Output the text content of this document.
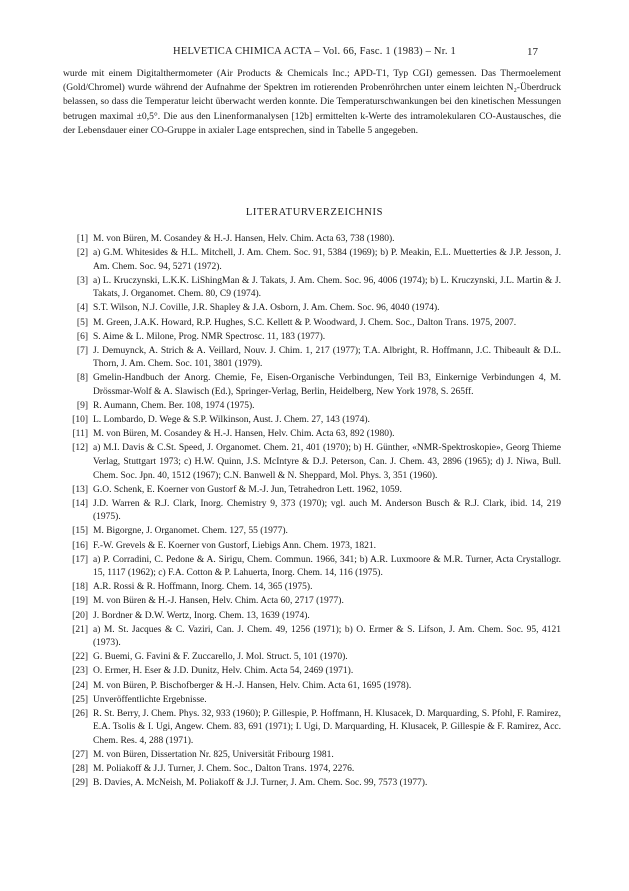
HELVETICA CHIMICA ACTA – Vol. 66, Fasc. 1 (1983) – Nr. 1	17

wurde mit einem Digitalthermometer (Air Products & Chemicals Inc.; APD-T1, Typ CGI) gemessen. Das Thermoelement (Gold/Chromel) wurde während der Aufnahme der Spektren im rotierenden Probenröhrchen unter einem leichten N₂-Überdruck belassen, so dass die Temperatur leicht überwacht werden konnte. Die Temperaturschwankungen bei den kinetischen Messungen betrugen maximal ±0,5°. Die aus den Linenformanalysen [12b] ermittelten k-Werte des intramolekularen CO-Austausches, die der Lebensdauer einer CO-Gruppe in axialer Lage entsprechen, sind in Tabelle 5 angegeben.

LITERATURVERZEICHNIS
[1] M. von Büren, M. Cosandey & H.-J. Hansen, Helv. Chim. Acta 63, 738 (1980).
[2] a) G.M. Whitesides & H.L. Mitchell, J. Am. Chem. Soc. 91, 5384 (1969); b) P. Meakin, E.L. Muetterties & J.P. Jesson, J. Am. Chem. Soc. 94, 5271 (1972).
[3] a) L. Kruczynski, L.K.K. LiShingMan & J. Takats, J. Am. Chem. Soc. 96, 4006 (1974); b) L. Kruczynski, J.L. Martin & J. Takats, J. Organomet. Chem. 80, C9 (1974).
[4] S.T. Wilson, N.J. Coville, J.R. Shapley & J.A. Osborn, J. Am. Chem. Soc. 96, 4040 (1974).
[5] M. Green, J.A.K. Howard, R.P. Hughes, S.C. Kellett & P. Woodward, J. Chem. Soc., Dalton Trans. 1975, 2007.
[6] S. Aime & L. Milone, Prog. NMR Spectrosc. 11, 183 (1977).
[7] J. Demuynck, A. Strich & A. Veillard, Nouv. J. Chim. 1, 217 (1977); T.A. Albright, R. Hoffmann, J.C. Thibeault & D.L. Thorn, J. Am. Chem. Soc. 101, 3801 (1979).
[8] Gmelin-Handbuch der Anorg. Chemie, Fe, Eisen-Organische Verbindungen, Teil B3, Einkernige Verbindungen 4, M. Drössmar-Wolf & A. Slawisch (Ed.), Springer-Verlag, Berlin, Heidelberg, New York 1978, S. 265ff.
[9] R. Aumann, Chem. Ber. 108, 1974 (1975).
[10] L. Lombardo, D. Wege & S.P. Wilkinson, Aust. J. Chem. 27, 143 (1974).
[11] M. von Büren, M. Cosandey & H.-J. Hansen, Helv. Chim. Acta 63, 892 (1980).
[12] a) M.I. Davis & C.St. Speed, J. Organomet. Chem. 21, 401 (1970); b) H. Günther, «NMR-Spektroskopie», Georg Thieme Verlag, Stuttgart 1973; c) H.W. Quinn, J.S. McIntyre & D.J. Peterson, Can. J. Chem. 43, 2896 (1965); d) J. Niwa, Bull. Chem. Soc. Jpn. 40, 1512 (1967); C.N. Banwell & N. Sheppard, Mol. Phys. 3, 351 (1960).
[13] G.O. Schenk, E. Koerner von Gustorf & M.-J. Jun, Tetrahedron Lett. 1962, 1059.
[14] J.D. Warren & R.J. Clark, Inorg. Chemistry 9, 373 (1970); vgl. auch M. Anderson Busch & R.J. Clark, ibid. 14, 219 (1975).
[15] M. Bigorgne, J. Organomet. Chem. 127, 55 (1977).
[16] F.-W. Grevels & E. Koerner von Gustorf, Liebigs Ann. Chem. 1973, 1821.
[17] a) P. Corradini, C. Pedone & A. Sirigu, Chem. Commun. 1966, 341; b) A.R. Luxmoore & M.R. Turner, Acta Crystallogr. 15, 1117 (1962); c) F.A. Cotton & P. Lahuerta, Inorg. Chem. 14, 116 (1975).
[18] A.R. Rossi & R. Hoffmann, Inorg. Chem. 14, 365 (1975).
[19] M. von Büren & H.-J. Hansen, Helv. Chim. Acta 60, 2717 (1977).
[20] J. Bordner & D.W. Wertz, Inorg. Chem. 13, 1639 (1974).
[21] a) M. St. Jacques & C. Vaziri, Can. J. Chem. 49, 1256 (1971); b) O. Ermer & S. Lifson, J. Am. Chem. Soc. 95, 4121 (1973).
[22] G. Buemi, G. Favini & F. Zuccarello, J. Mol. Struct. 5, 101 (1970).
[23] O. Ermer, H. Eser & J.D. Dunitz, Helv. Chim. Acta 54, 2469 (1971).
[24] M. von Büren, P. Bischofberger & H.-J. Hansen, Helv. Chim. Acta 61, 1695 (1978).
[25] Unveröffentlichte Ergebnisse.
[26] R. St. Berry, J. Chem. Phys. 32, 933 (1960); P. Gillespie, P. Hoffmann, H. Klusacek, D. Marquarding, S. Pfohl, F. Ramirez, E.A. Tsolis & I. Ugi, Angew. Chem. 83, 691 (1971); I. Ugi, D. Marquarding, H. Klusacek, P. Gillespie & F. Ramirez, Acc. Chem. Res. 4, 288 (1971).
[27] M. von Büren, Dissertation Nr. 825, Universität Fribourg 1981.
[28] M. Poliakoff & J.J. Turner, J. Chem. Soc., Dalton Trans. 1974, 2276.
[29] B. Davies, A. McNeish, M. Poliakoff & J.J. Turner, J. Am. Chem. Soc. 99, 7573 (1977).
